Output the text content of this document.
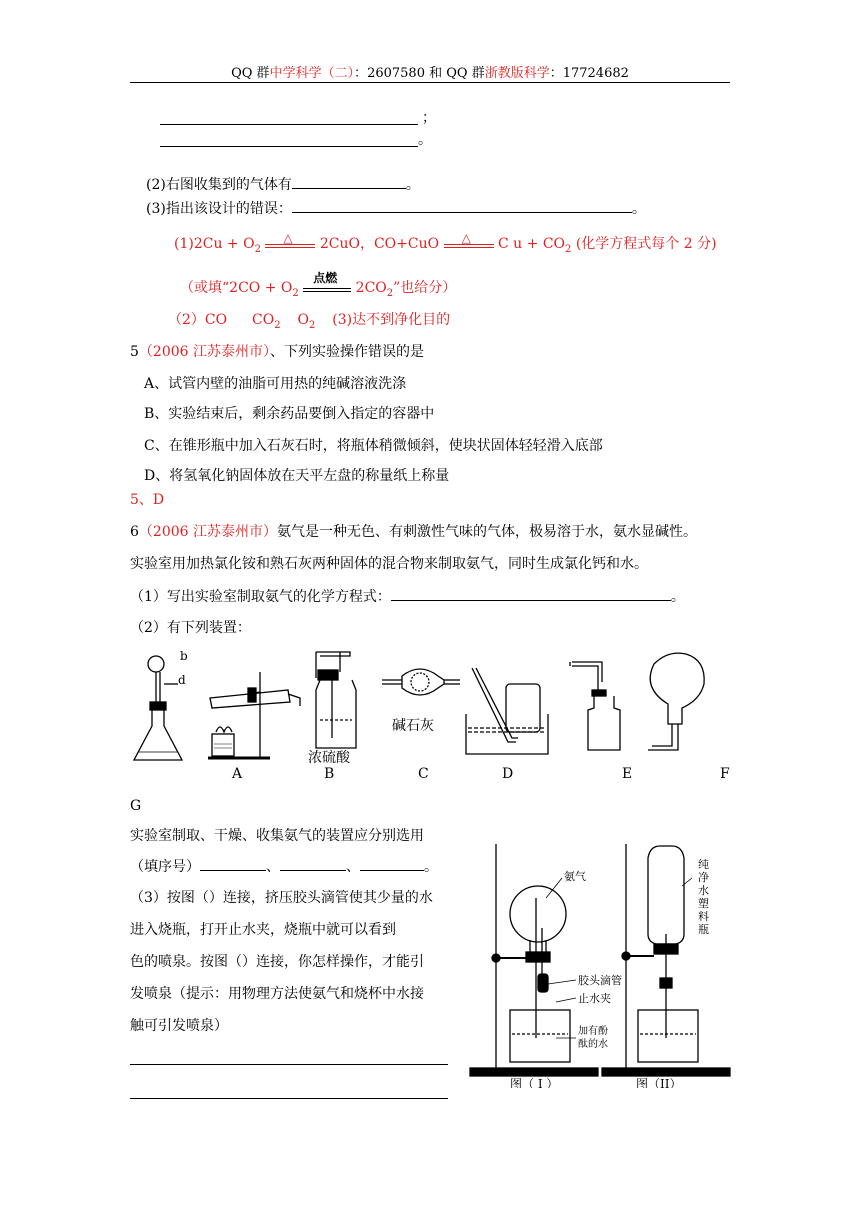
QQ 群中学科学（二）：2607580 和 QQ 群浙教版科学：17724682
；
。
(2)右图收集到的气体有	。
(3)指出该设计的错误：	。
$(1)2Cu + O_2$
△ 2CuO，CO+CuO △ C $u + CO_2$ (化学方程式每个 2 分)
（或填“$2CO + O_2$
点燃
$2CO_2$”也给分）
（2）CO $CO_2$ $O_2$ (3)达不到净化目的
5（2006 江苏泰州市）、下列实验操作错误的是
A、试管内壁的油脂可用热的纯碱溶液洗涤
B、实验结束后，剩余药品要倒入指定的容器中
C、在锥形瓶中加入石灰石时，将瓶体稍微倾斜，使块状固体轻轻滑入底部
D、将氢氧化钠固体放在天平左盘的称量纸上称量
5、D
6（2006 江苏泰州市）氨气是一种无色、有刺激性气味的气体，极易溶于水，氨水显碱性。
实验室用加热氯化铵和熟石灰两种固体的混合物来制取氨气，同时生成氯化钙和水。
（1）写出实验室制取氨气的化学方程式：	。
（2）有下列装置：
b
d
浓硫酸
碱石灰
A	B	C	D	E	F
G
实验室制取、干燥、收集氨气的装置应分别选用
（填序号）	、	、	。
（3）按图（）连接，挤压胶头滴管使其少量的水
进入烧瓶，打开止水夹，烧瓶中就可以看到
色的喷泉。按图（）连接，你怎样操作，才能引
发喷泉（提示：用物理方法使氨气和烧杯中水接
触可引发喷泉）
氨气
胶头滴管
止水夹
加有酚酞的水
纯净水塑料瓶
图（ I ）	图（II）
